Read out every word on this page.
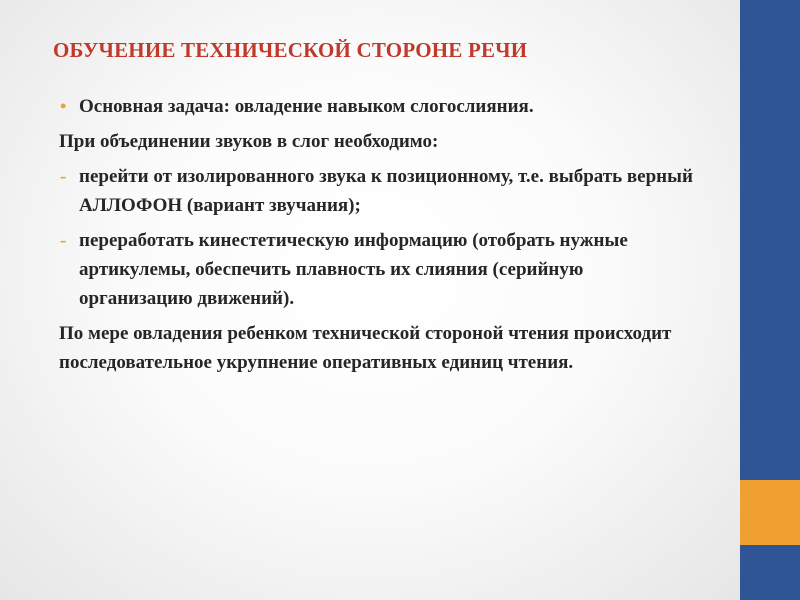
ОБУЧЕНИЕ ТЕХНИЧЕСКОЙ СТОРОНЕ РЕЧИ
• Основная задача: овладение навыком слогослияния.
При объединении звуков в слог необходимо:
- перейти от изолированного звука к позиционному, т.е. выбрать верный АЛЛОФОН (вариант звучания);
- переработать кинестетическую информацию (отобрать нужные артикулемы, обеспечить плавность их слияния (серийную организацию движений).
По мере овладения ребенком технической стороной чтения происходит последовательное укрупнение оперативных единиц чтения.
